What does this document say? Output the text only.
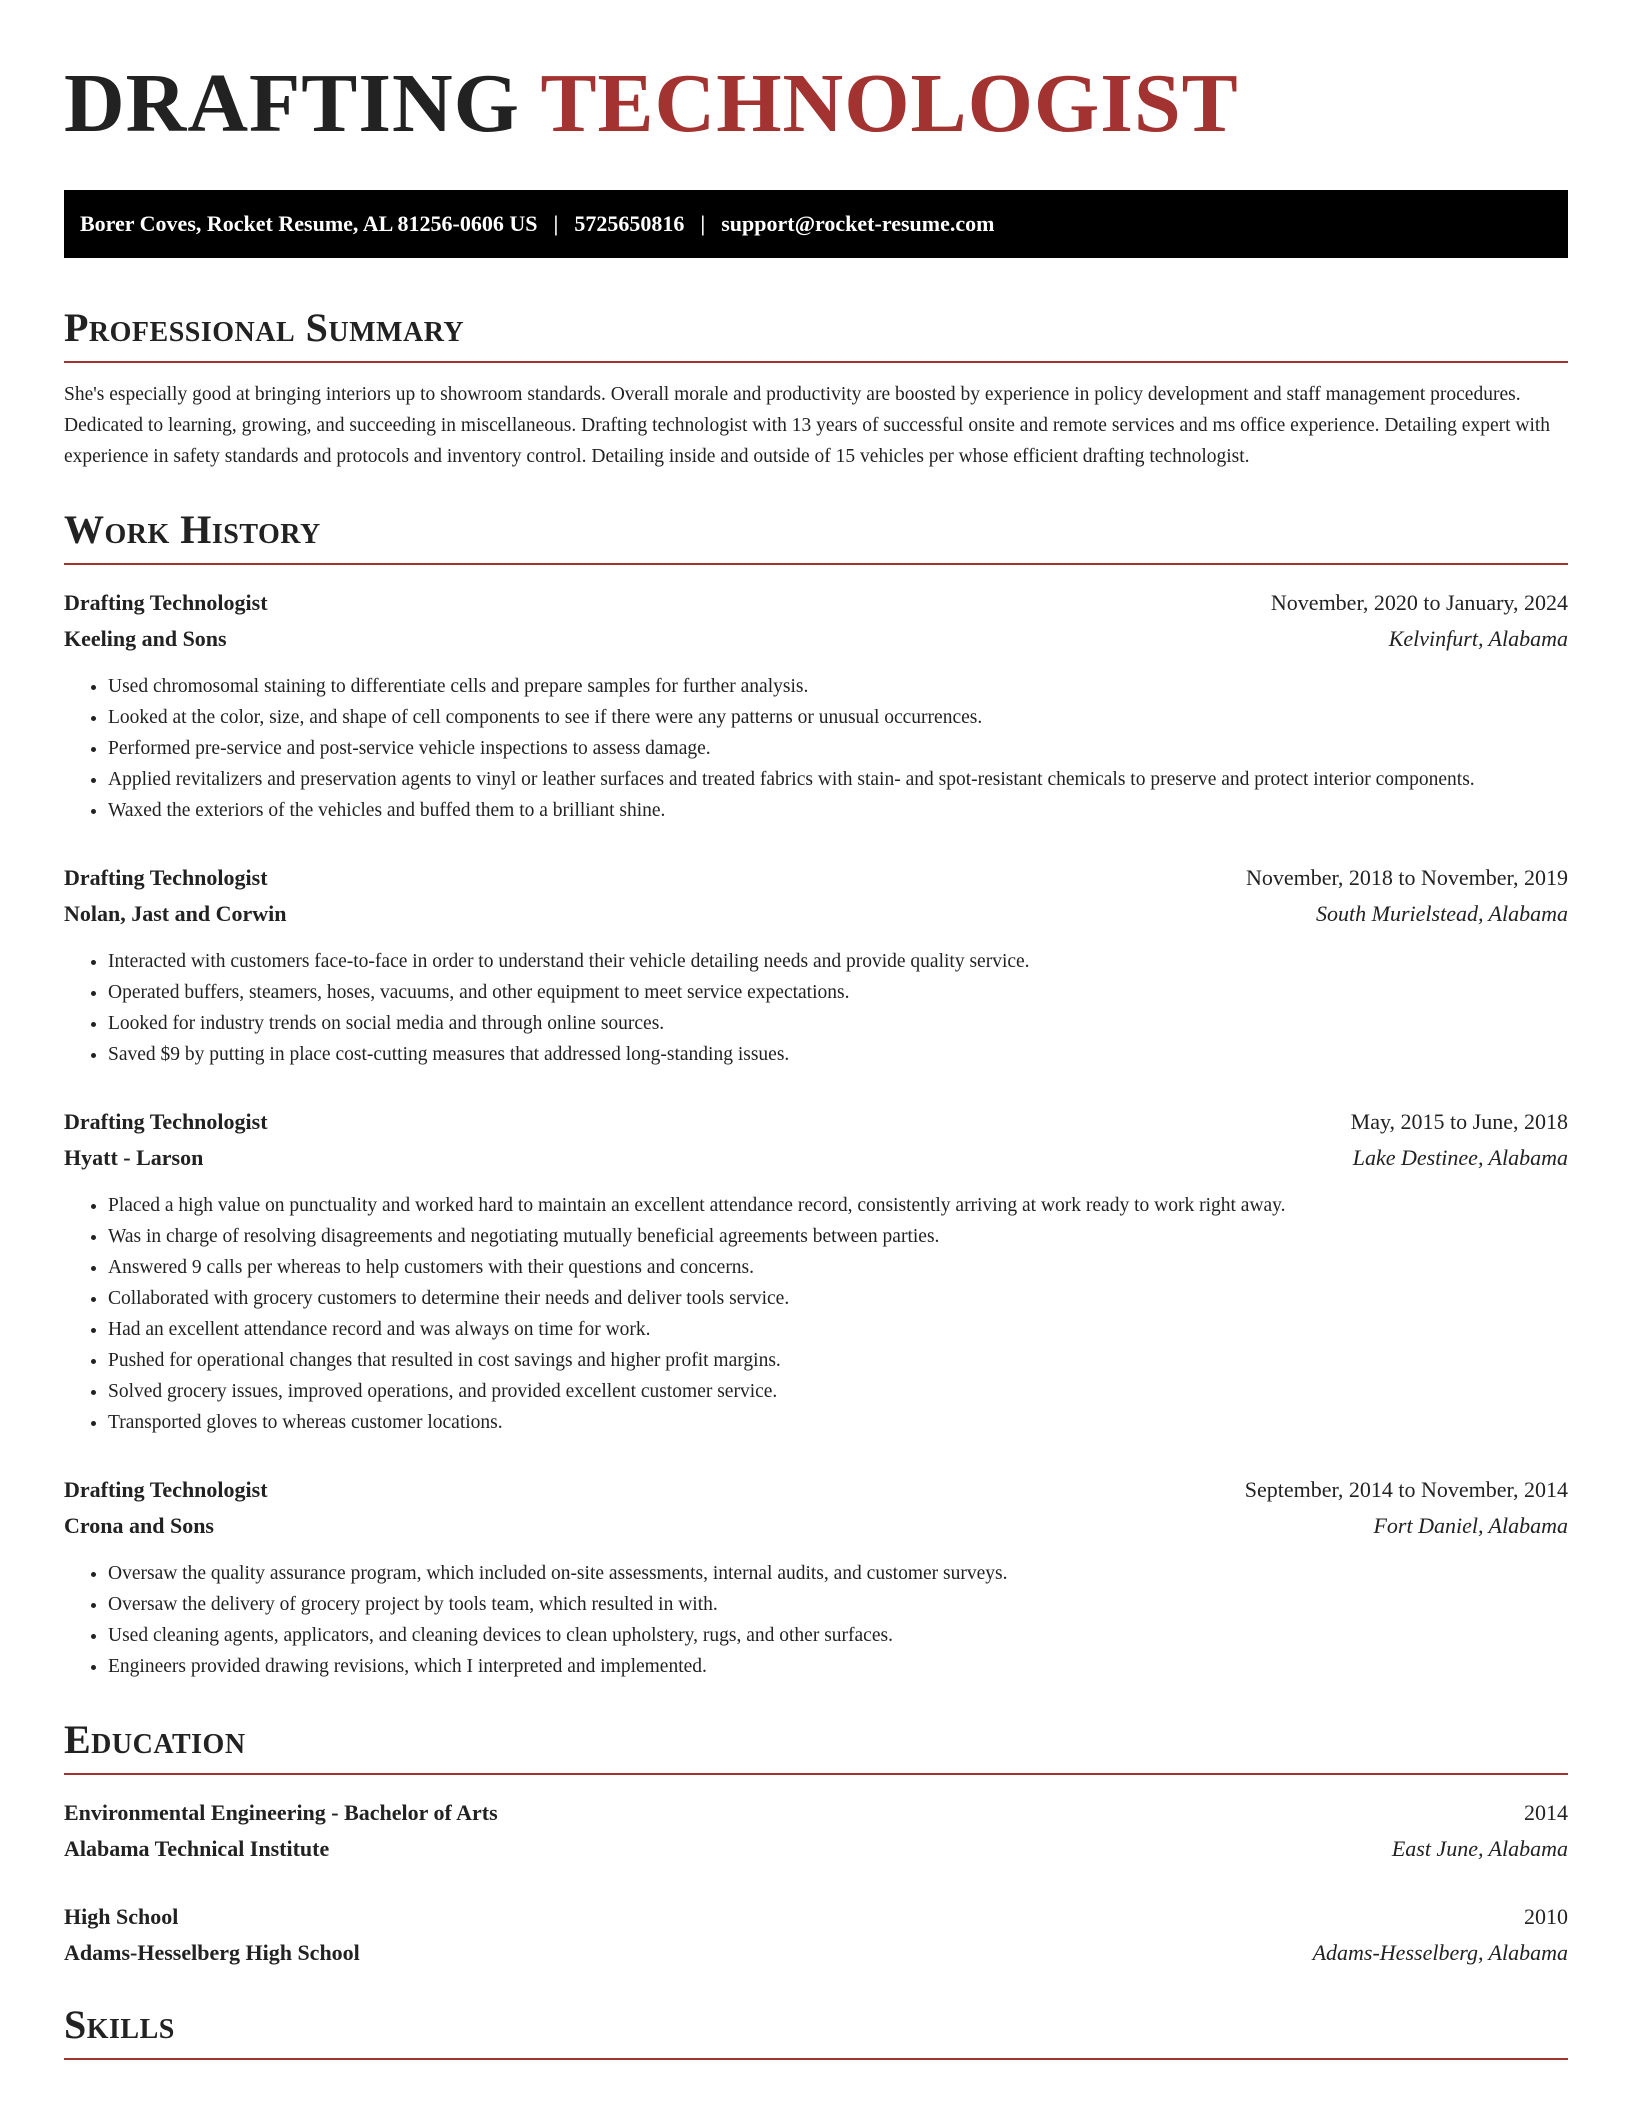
DRAFTING TECHNOLOGIST
Borer Coves, Rocket Resume, AL 81256-0606 US | 5725650816 | support@rocket-resume.com
Professional Summary

She's especially good at bringing interiors up to showroom standards. Overall morale and productivity are boosted by experience in policy development and staff management procedures. Dedicated to learning, growing, and succeeding in miscellaneous. Drafting technologist with 13 years of successful onsite and remote services and ms office experience. Detailing expert with experience in safety standards and protocols and inventory control. Detailing inside and outside of 15 vehicles per whose efficient drafting technologist.

Work History
Drafting Technologist	November, 2020 to January, 2024
Keeling and Sons	Kelvinfurt, Alabama
• Used chromosomal staining to differentiate cells and prepare samples for further analysis.
• Looked at the color, size, and shape of cell components to see if there were any patterns or unusual occurrences.
• Performed pre-service and post-service vehicle inspections to assess damage.
• Applied revitalizers and preservation agents to vinyl or leather surfaces and treated fabrics with stain- and spot-resistant chemicals to preserve and protect interior components.
• Waxed the exteriors of the vehicles and buffed them to a brilliant shine.
Drafting Technologist	November, 2018 to November, 2019
Nolan, Jast and Corwin	South Murielstead, Alabama
• Interacted with customers face-to-face in order to understand their vehicle detailing needs and provide quality service.
• Operated buffers, steamers, hoses, vacuums, and other equipment to meet service expectations.
• Looked for industry trends on social media and through online sources.
• Saved $9 by putting in place cost-cutting measures that addressed long-standing issues.
Drafting Technologist	May, 2015 to June, 2018
Hyatt - Larson	Lake Destinee, Alabama
• Placed a high value on punctuality and worked hard to maintain an excellent attendance record, consistently arriving at work ready to work right away.
• Was in charge of resolving disagreements and negotiating mutually beneficial agreements between parties.
• Answered 9 calls per whereas to help customers with their questions and concerns.
• Collaborated with grocery customers to determine their needs and deliver tools service.
• Had an excellent attendance record and was always on time for work.
• Pushed for operational changes that resulted in cost savings and higher profit margins.
• Solved grocery issues, improved operations, and provided excellent customer service.
• Transported gloves to whereas customer locations.
Drafting Technologist	September, 2014 to November, 2014
Crona and Sons	Fort Daniel, Alabama
• Oversaw the quality assurance program, which included on-site assessments, internal audits, and customer surveys.
• Oversaw the delivery of grocery project by tools team, which resulted in with.
• Used cleaning agents, applicators, and cleaning devices to clean upholstery, rugs, and other surfaces.
• Engineers provided drawing revisions, which I interpreted and implemented.
Education
Environmental Engineering - Bachelor of Arts	2014
Alabama Technical Institute	East June, Alabama
High School	2010
Adams-Hesselberg High School	Adams-Hesselberg, Alabama
Skills
